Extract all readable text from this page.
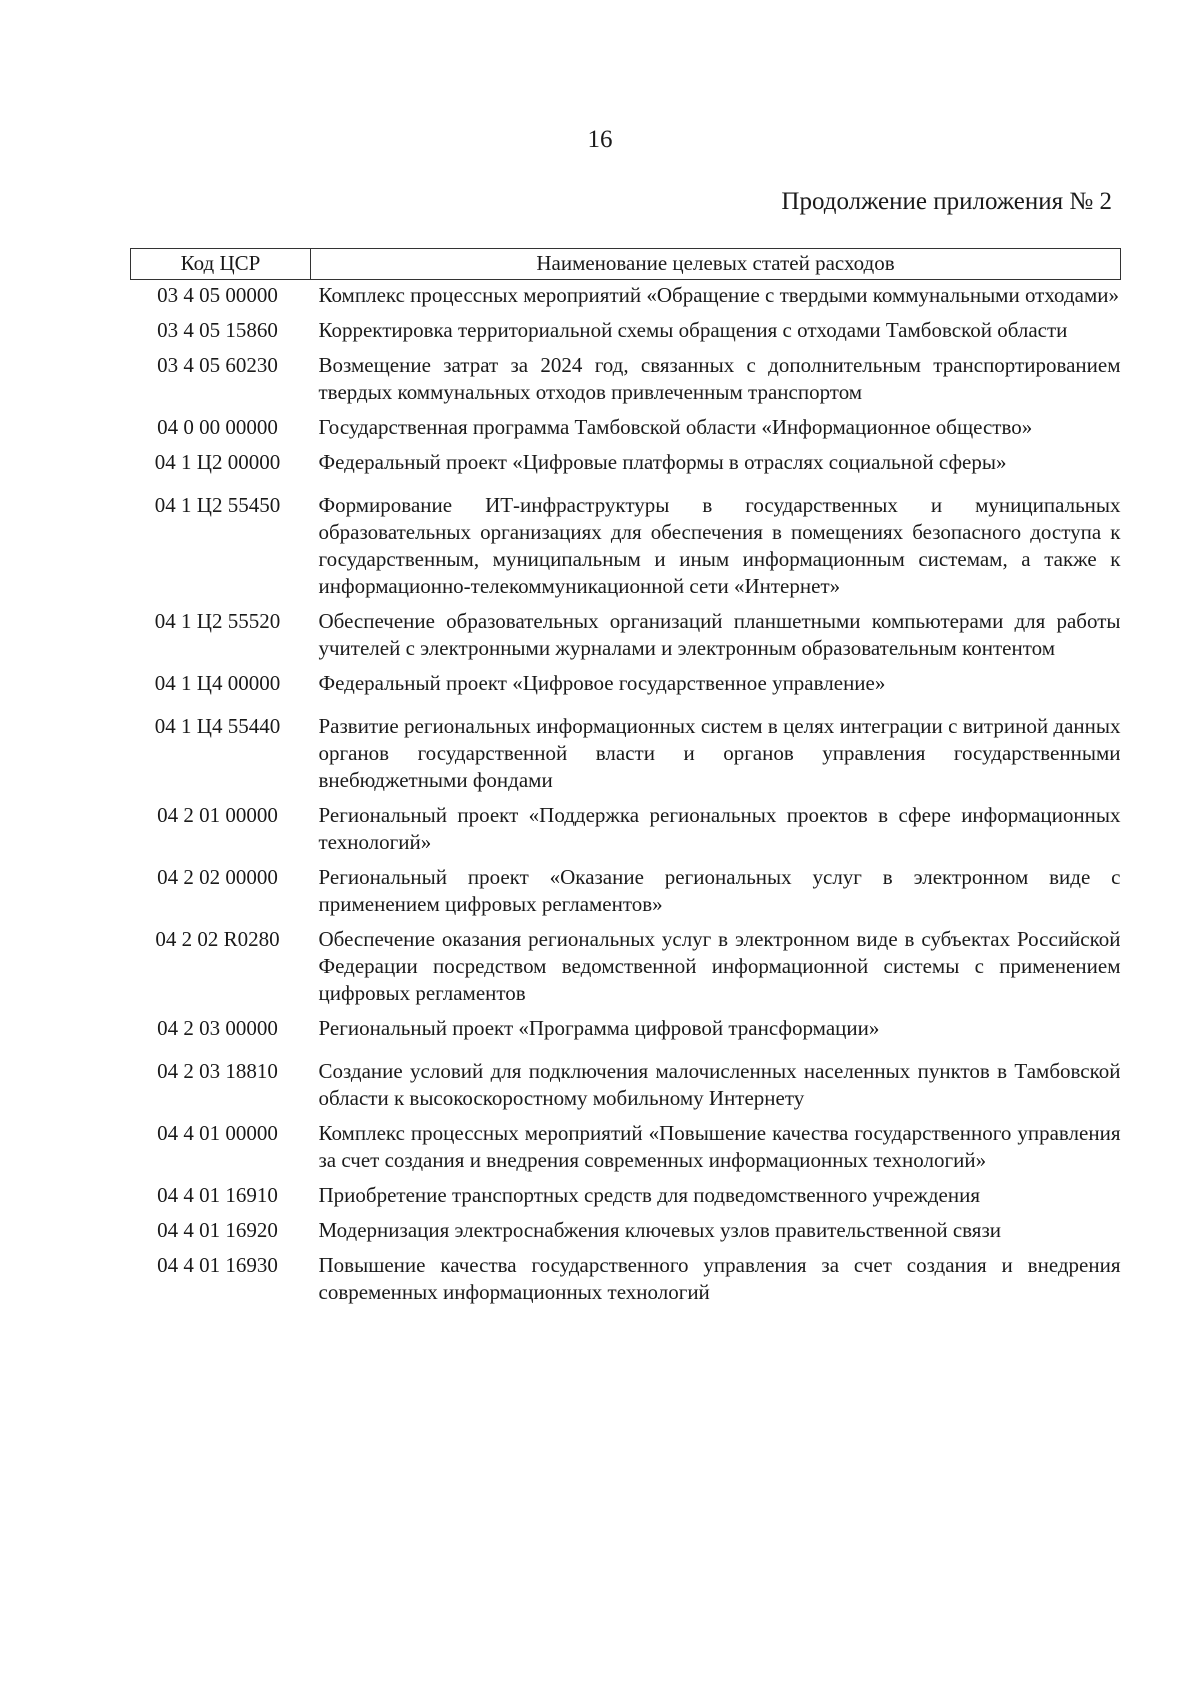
16
Продолжение приложения № 2
Код ЦСР	Наименование целевых статей расходов
03 4 05 00000	Комплекс процессных мероприятий «Обращение с твердыми коммунальными отходами»
03 4 05 15860	Корректировка территориальной схемы обращения с отходами Тамбовской области
03 4 05 60230	Возмещение затрат за 2024 год, связанных с дополнительным транспортированием твердых коммунальных отходов привлеченным транспортом
04 0 00 00000	Государственная программа Тамбовской области «Информационное общество»
04 1 Ц2 00000	Федеральный проект «Цифровые платформы в отраслях социальной сферы»
04 1 Ц2 55450	Формирование ИТ-инфраструктуры в государственных и муниципальных образовательных организациях для обеспечения в помещениях безопасного доступа к государственным, муниципальным и иным информационным системам, а также к информационно-телекоммуникационной сети «Интернет»
04 1 Ц2 55520	Обеспечение образовательных организаций планшетными компьютерами для работы учителей с электронными журналами и электронным образовательным контентом
04 1 Ц4 00000	Федеральный проект «Цифровое государственное управление»
04 1 Ц4 55440	Развитие региональных информационных систем в целях интеграции с витриной данных органов государственной власти и органов управления государственными внебюджетными фондами
04 2 01 00000	Региональный проект «Поддержка региональных проектов в сфере информационных технологий»
04 2 02 00000	Региональный проект «Оказание региональных услуг в электронном виде с применением цифровых регламентов»
04 2 02 R0280	Обеспечение оказания региональных услуг в электронном виде в субъектах Российской Федерации посредством ведомственной информационной системы с применением цифровых регламентов
04 2 03 00000	Региональный проект «Программа цифровой трансформации»
04 2 03 18810	Создание условий для подключения малочисленных населенных пунктов в Тамбовской области к высокоскоростному мобильному Интернету
04 4 01 00000	Комплекс процессных мероприятий «Повышение качества государственного управления за счет создания и внедрения современных информационных технологий»
04 4 01 16910	Приобретение транспортных средств для подведомственного учреждения
04 4 01 16920	Модернизация электроснабжения ключевых узлов правительственной связи
04 4 01 16930	Повышение качества государственного управления за счет создания и внедрения современных информационных технологий
